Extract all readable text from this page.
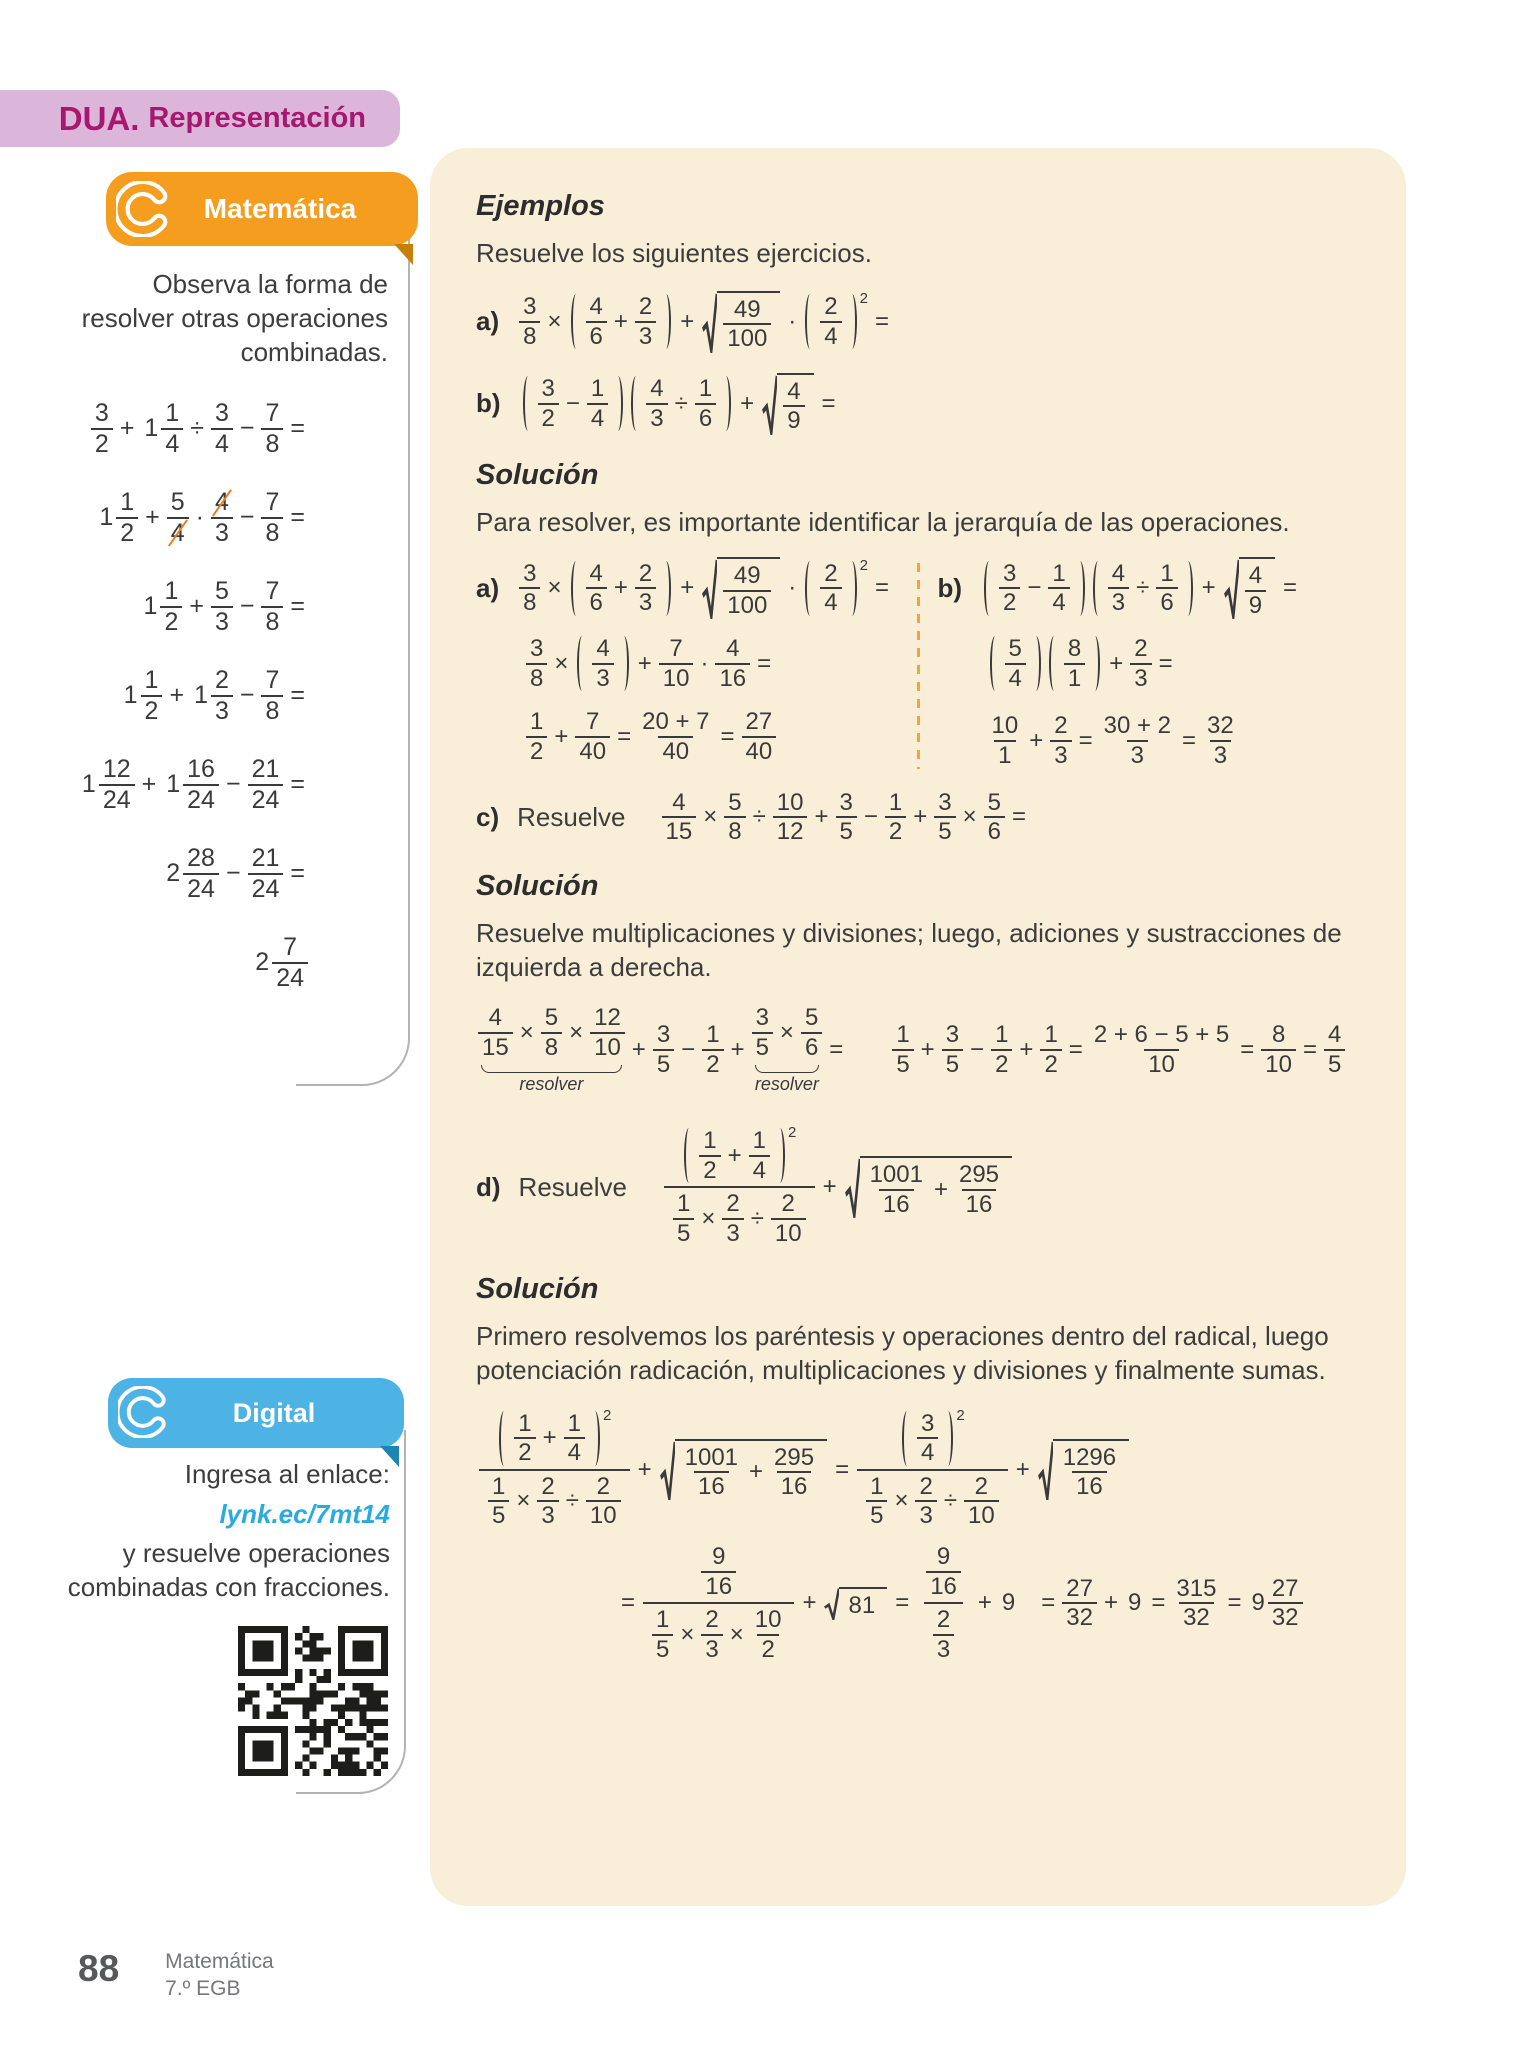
DUA. Representación
Ejemplos

Resuelve los siguientes ejercicios.

$a) \frac{3}{8}$ ×
4
6
+ $\frac{2}{3} + 49$
100
·
2
4
2
=
b) 3
2
− $\frac{1}{4} \frac{4}{3} \div \frac{1}{6} + 4$
9
=
Solución

Para resolver, es importante identificar la jerarquía de las operaciones.

$a) \frac{3}{8}$ ×
4
6
+ $\frac{2}{3} + 49$
100
·
2
4
2
=
$\frac{3}{8}$ ×
4
3
+ $\frac{7}{10} \cdot \frac{4}{16}$ =

1
2
+ $\frac{7}{40} = \frac{20 + 7}{40} = \frac{27}{40}$
b) 3
2
− $\frac{1}{4} \frac{4}{3} \div \frac{1}{6} + 4$
9
=
5
4
8
1
+ $\frac{2}{3}$ =

10
1
+ $\frac{2}{3} = \frac{30 + 2}{3} = \frac{32}{3}$
c) Resuelve $\frac{4}{15} \times \frac{5}{8} \div \frac{10}{12} + \frac{3}{5} - \frac{1}{2} + \frac{3}{5} \times \frac{5}{6}$ =
Solución

Resuelve multiplicaciones y divisiones; luego, adiciones y sustracciones de izquierda a derecha.

$\frac{4}{15} \times \frac{5}{8} \times \frac{12}{10}$
resolver
+ $\frac{3}{5} - \frac{1}{2} + \frac{3}{5} \times \frac{5}{6}$
resolver
=
1
5
+ $\frac{3}{5} - \frac{1}{2} + \frac{1}{2} = \frac{2 + 6 - 5 + 5}{10} = \frac{8}{10} = \frac{4}{5}$
d) Resuelve
1
2
+ $\frac{1}{4} 2$
$\frac{1}{5} \times \frac{2}{3} \div \frac{2}{10}$
+ 1001
16
+ $\frac{295}{16}$
Solución

Primero resolvemos los paréntesis y operaciones dentro del radical, luego potenciación radicación, multiplicaciones y divisiones y finalmente sumas.

1
2
+ $\frac{1}{4} 2$
$\frac{1}{5} \times \frac{2}{3} \div \frac{2}{10}$
+ 1001
16
+ $\frac{295}{16} = 3$
4
2
$\frac{1}{5} \times \frac{2}{3} \div \frac{2}{10} + 1296$
16

= 9
16
$\frac{1}{5} \times \frac{2}{3} \times \frac{10}{2} + 81 = 9$
16
2
$3 + 9 = \frac{27}{32} + 9 = \frac{315}{32} = 9$
27
32
Matemática

Observa la forma de resolver otras operaciones combinadas.

3
2
+ $1 \frac{1}{4} \div \frac{3}{4} - \frac{7}{8}$ =
1
1
2
+ $\frac{5}{4}$ ·
4
3
− $\frac{7}{8}$ =
1
1
2
+ $\frac{5}{3} - \frac{7}{8}$ =
1
1
2
+ 1
2
3
− $\frac{7}{8}$ =
1
12
24
+ 1
16
24
− $\frac{21}{24}$ =
2
28
24
− $\frac{21}{24}$ =
2
7
24
Digital

Ingresa al enlace:

lynk.ec/7mt14

y resuelve operaciones combinadas con fracciones.

88 Matemática
7.º EGB
